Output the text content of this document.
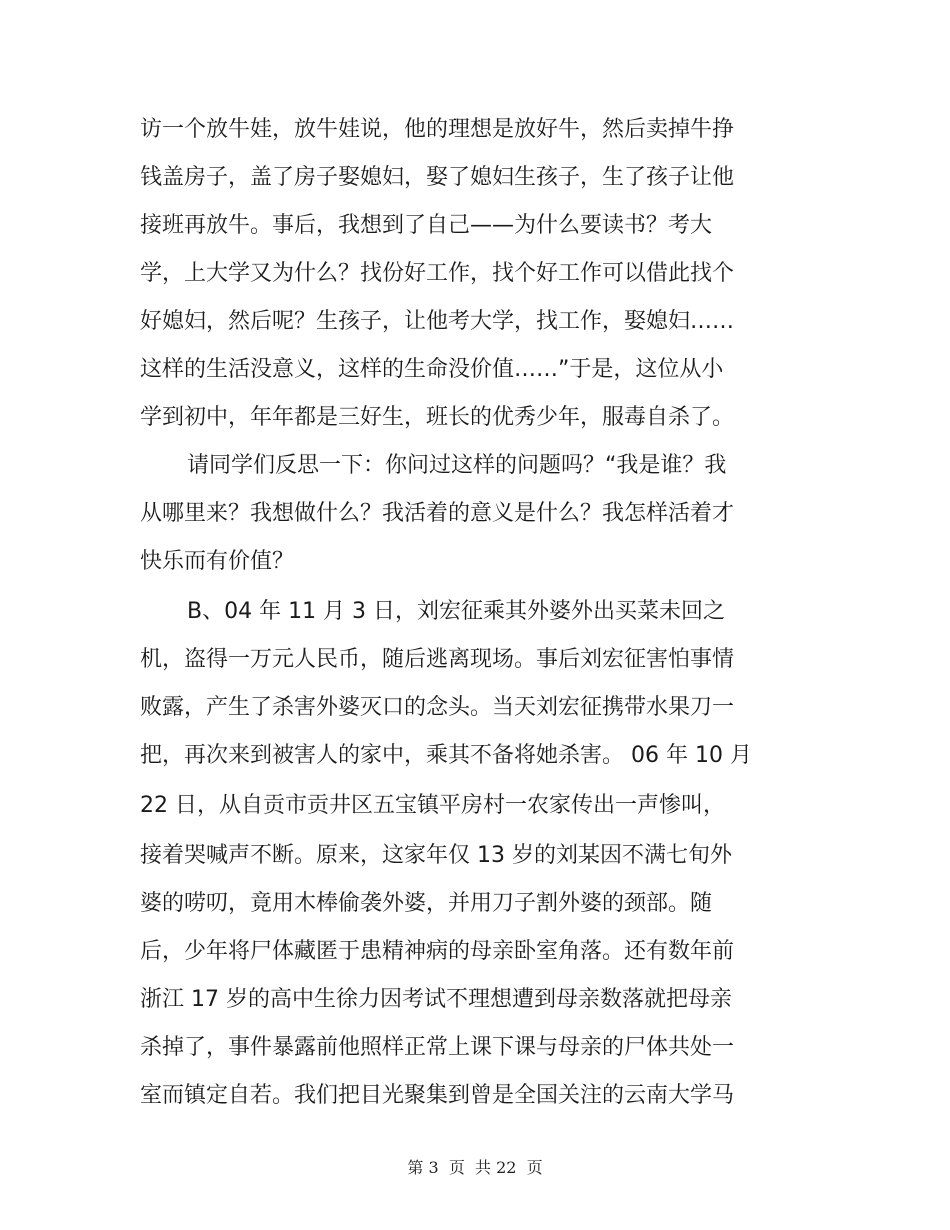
访一个放牛娃，放牛娃说，他的理想是放好牛，然后卖掉牛挣
钱盖房子，盖了房子娶媳妇，娶了媳妇生孩子，生了孩子让他
接班再放牛。事后，我想到了自己——为什么要读书？考大
学，上大学又为什么？找份好工作，找个好工作可以借此找个
好媳妇，然后呢？生孩子，让他考大学，找工作，娶媳妇……
这样的生活没意义，这样的生命没价值……”于是，这位从小
学到初中，年年都是三好生，班长的优秀少年，服毒自杀了。
请同学们反思一下：你问过这样的问题吗？“我是谁？我
从哪里来？我想做什么？我活着的意义是什么？我怎样活着才
快乐而有价值？
B、04 年 11 月 3 日，刘宏征乘其外婆外出买菜未回之
机，盗得一万元人民币，随后逃离现场。事后刘宏征害怕事情
败露，产生了杀害外婆灭口的念头。当天刘宏征携带水果刀一
把，再次来到被害人的家中，乘其不备将她杀害。 06 年 10 月
22 日，从自贡市贡井区五宝镇平房村一农家传出一声惨叫，
接着哭喊声不断。原来，这家年仅 13 岁的刘某因不满七旬外
婆的唠叨，竟用木棒偷袭外婆，并用刀子割外婆的颈部。随
后，少年将尸体藏匿于患精神病的母亲卧室角落。还有数年前
浙江 17 岁的高中生徐力因考试不理想遭到母亲数落就把母亲
杀掉了，事件暴露前他照样正常上课下课与母亲的尸体共处一
室而镇定自若。我们把目光聚集到曾是全国关注的云南大学马
第 3  页  共 22  页
